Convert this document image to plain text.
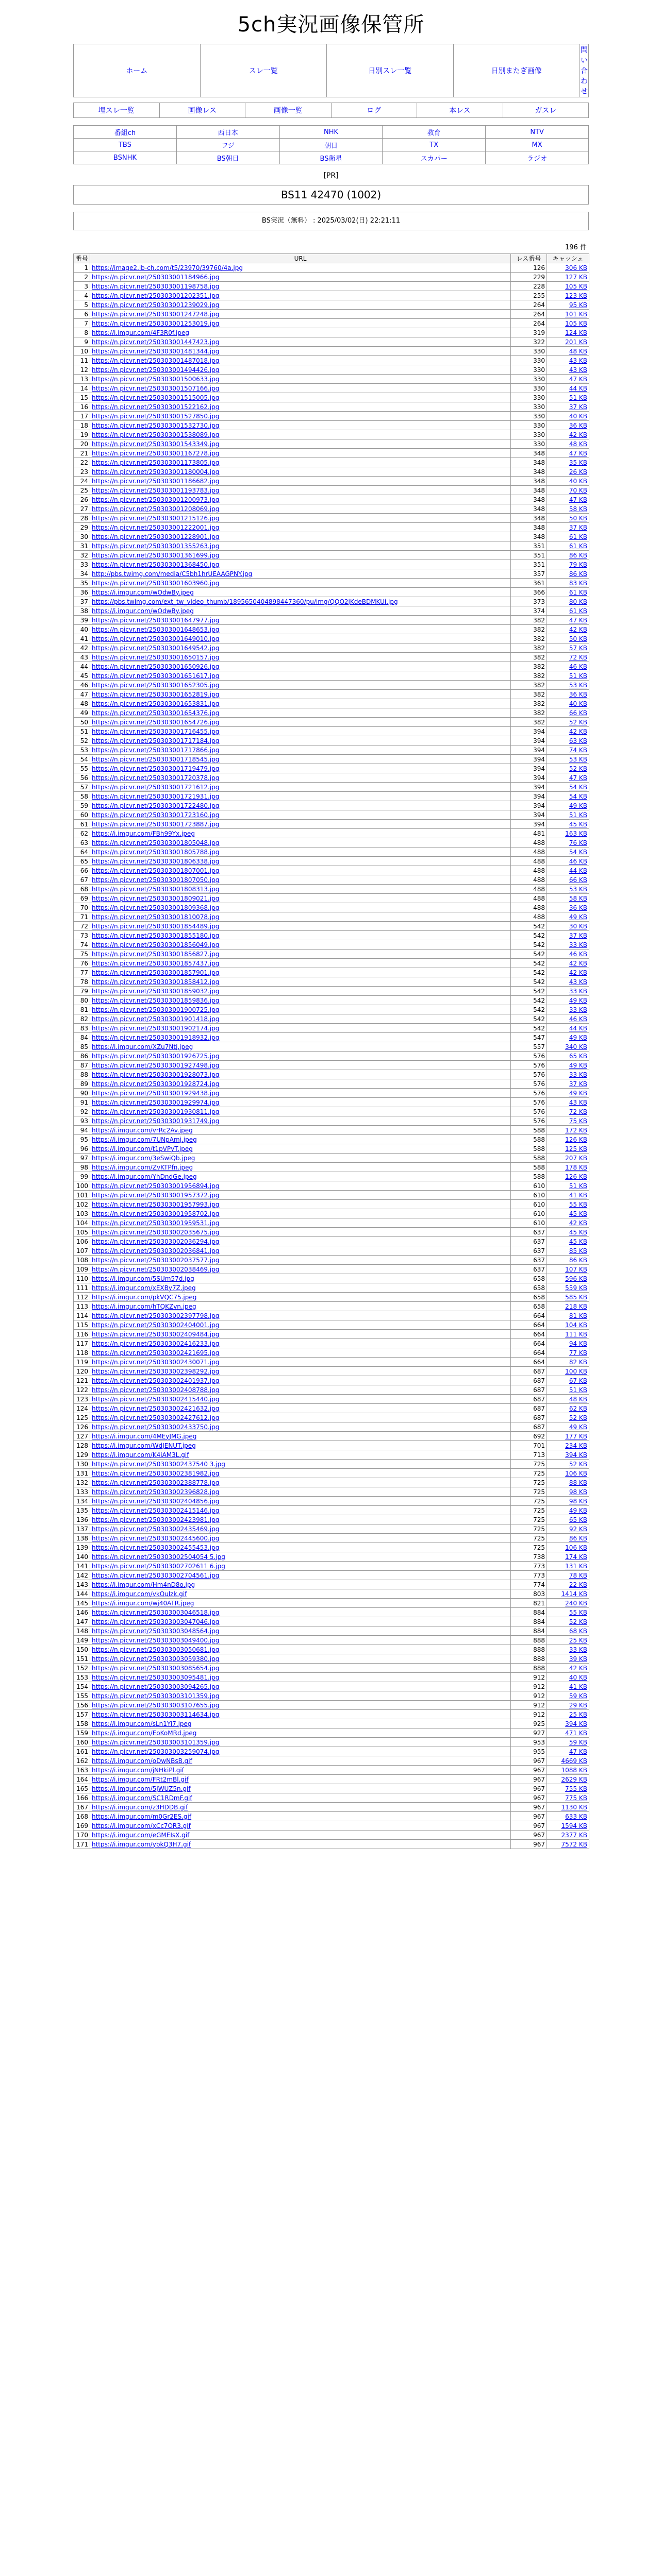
5ch実況画像保管所
ホーム	スレ一覧	日別スレ一覧	日別またぎ画像	問い合わせ
埋スレ一覧	画像レス	画像一覧	ログ	本レス	ガスレ
番組ch	西日本	NHK	教育	NTV
TBS	フジ	朝日	TX	MX
BSNHK	BS朝日	BS衛星	スカパー	ラジオ
[PR]
BS11 42470 (1002)
BS実況（無料） : 2025/03/02(日) 22:21:11
196 件
番号	URL	レス番号	キャッシュ
1	https://image2.ib-ch.com/t5/23970/39760/4a.jpg	126	306 KB
2	https://n.picvr.net/250303001184966.jpg	229	127 KB
3	https://n.picvr.net/250303001198758.jpg	228	105 KB
4	https://n.picvr.net/250303001202351.jpg	255	123 KB
5	https://n.picvr.net/250303001239029.jpg	264	95 KB
6	https://n.picvr.net/250303001247248.jpg	264	101 KB
7	https://n.picvr.net/250303001253019.jpg	264	105 KB
8	https://i.imgur.com/4F3R0f.jpeg	319	124 KB
9	https://n.picvr.net/250303001447423.jpg	322	201 KB
10	https://n.picvr.net/250303001481344.jpg	330	48 KB
11	https://n.picvr.net/250303001487018.jpg	330	43 KB
12	https://n.picvr.net/250303001494426.jpg	330	43 KB
13	https://n.picvr.net/250303001500633.jpg	330	47 KB
14	https://n.picvr.net/250303001507166.jpg	330	44 KB
15	https://n.picvr.net/250303001515005.jpg	330	51 KB
16	https://n.picvr.net/250303001522162.jpg	330	37 KB
17	https://n.picvr.net/250303001527850.jpg	330	40 KB
18	https://n.picvr.net/250303001532730.jpg	330	36 KB
19	https://n.picvr.net/250303001538089.jpg	330	42 KB
20	https://n.picvr.net/250303001543349.jpg	330	48 KB
21	https://n.picvr.net/250303001167278.jpg	348	47 KB
22	https://n.picvr.net/250303001173805.jpg	348	35 KB
23	https://n.picvr.net/250303001180004.jpg	348	26 KB
24	https://n.picvr.net/250303001186682.jpg	348	40 KB
25	https://n.picvr.net/250303001193783.jpg	348	70 KB
26	https://n.picvr.net/250303001200973.jpg	348	47 KB
27	https://n.picvr.net/250303001208069.jpg	348	58 KB
28	https://n.picvr.net/250303001215126.jpg	348	50 KB
29	https://n.picvr.net/250303001222001.jpg	348	37 KB
30	https://n.picvr.net/250303001228901.jpg	348	61 KB
31	https://n.picvr.net/250303001355263.jpg	351	61 KB
32	https://n.picvr.net/250303001361699.jpg	351	86 KB
33	https://n.picvr.net/250303001368450.jpg	351	79 KB
34	http://pbs.twimg.com/media/C5bh1hrUEAAGPNY.jpg	357	86 KB
35	https://n.picvr.net/250303001603960.jpg	361	83 KB
36	https://i.imgur.com/wOdwBy.jpeg	366	61 KB
37	https://pbs.twimg.com/ext_tw_video_thumb/1895650404898447360/pu/img/QQO2jKdeBDMKUi.jpg	373	80 KB
38	https://i.imgur.com/wOdwBy.jpeg	374	61 KB
39	https://n.picvr.net/250303001647977.jpg	382	47 KB
40	https://n.picvr.net/250303001648653.jpg	382	42 KB
41	https://n.picvr.net/250303001649010.jpg	382	50 KB
42	https://n.picvr.net/250303001649542.jpg	382	57 KB
43	https://n.picvr.net/250303001650157.jpg	382	72 KB
44	https://n.picvr.net/250303001650926.jpg	382	46 KB
45	https://n.picvr.net/250303001651617.jpg	382	51 KB
46	https://n.picvr.net/250303001652305.jpg	382	53 KB
47	https://n.picvr.net/250303001652819.jpg	382	36 KB
48	https://n.picvr.net/250303001653831.jpg	382	40 KB
49	https://n.picvr.net/250303001654376.jpg	382	66 KB
50	https://n.picvr.net/250303001654726.jpg	382	52 KB
51	https://n.picvr.net/250303001716455.jpg	394	42 KB
52	https://n.picvr.net/250303001717184.jpg	394	63 KB
53	https://n.picvr.net/250303001717866.jpg	394	74 KB
54	https://n.picvr.net/250303001718545.jpg	394	53 KB
55	https://n.picvr.net/250303001719479.jpg	394	52 KB
56	https://n.picvr.net/250303001720378.jpg	394	47 KB
57	https://n.picvr.net/250303001721612.jpg	394	54 KB
58	https://n.picvr.net/250303001721931.jpg	394	54 KB
59	https://n.picvr.net/250303001722480.jpg	394	49 KB
60	https://n.picvr.net/250303001723160.jpg	394	51 KB
61	https://n.picvr.net/250303001723887.jpg	394	45 KB
62	https://i.imgur.com/FBh99Yx.jpeg	481	163 KB
63	https://n.picvr.net/250303001805048.jpg	488	76 KB
64	https://n.picvr.net/250303001805788.jpg	488	54 KB
65	https://n.picvr.net/250303001806338.jpg	488	46 KB
66	https://n.picvr.net/250303001807001.jpg	488	44 KB
67	https://n.picvr.net/250303001807050.jpg	488	66 KB
68	https://n.picvr.net/250303001808313.jpg	488	53 KB
69	https://n.picvr.net/250303001809021.jpg	488	58 KB
70	https://n.picvr.net/250303001809368.jpg	488	36 KB
71	https://n.picvr.net/250303001810078.jpg	488	49 KB
72	https://n.picvr.net/250303001854489.jpg	542	30 KB
73	https://n.picvr.net/250303001855180.jpg	542	37 KB
74	https://n.picvr.net/250303001856049.jpg	542	33 KB
75	https://n.picvr.net/250303001856827.jpg	542	46 KB
76	https://n.picvr.net/250303001857437.jpg	542	42 KB
77	https://n.picvr.net/250303001857901.jpg	542	42 KB
78	https://n.picvr.net/250303001858412.jpg	542	43 KB
79	https://n.picvr.net/250303001859032.jpg	542	33 KB
80	https://n.picvr.net/250303001859836.jpg	542	49 KB
81	https://n.picvr.net/250303001900725.jpg	542	33 KB
82	https://n.picvr.net/250303001901418.jpg	542	46 KB
83	https://n.picvr.net/250303001902174.jpg	542	44 KB
84	https://n.picvr.net/250303001918932.jpg	547	49 KB
85	https://i.imgur.com/XZu7Ntj.jpeg	557	340 KB
86	https://n.picvr.net/250303001926725.jpg	576	65 KB
87	https://n.picvr.net/250303001927498.jpg	576	49 KB
88	https://n.picvr.net/250303001928073.jpg	576	33 KB
89	https://n.picvr.net/250303001928724.jpg	576	37 KB
90	https://n.picvr.net/250303001929438.jpg	576	49 KB
91	https://n.picvr.net/250303001929974.jpg	576	43 KB
92	https://n.picvr.net/250303001930811.jpg	576	72 KB
93	https://n.picvr.net/250303001931749.jpg	576	75 KB
94	https://i.imgur.com/vrRc2Av.jpeg	588	172 KB
95	https://i.imgur.com/7UNpAmj.jpeg	588	126 KB
96	https://i.imgur.com/t1pVPyT.jpeg	588	125 KB
97	https://i.imgur.com/3eSwiQb.jpeg	588	207 KB
98	https://i.imgur.com/ZvKTPfn.jpeg	588	178 KB
99	https://i.imgur.com/YhDndGe.jpeg	588	126 KB
100	https://n.picvr.net/250303001956894.jpg	610	51 KB
101	https://n.picvr.net/250303001957372.jpg	610	41 KB
102	https://n.picvr.net/250303001957993.jpg	610	55 KB
103	https://n.picvr.net/250303001958702.jpg	610	45 KB
104	https://n.picvr.net/250303001959531.jpg	610	42 KB
105	https://n.picvr.net/250303002035675.jpg	637	45 KB
106	https://n.picvr.net/250303002036294.jpg	637	45 KB
107	https://n.picvr.net/250303002036841.jpg	637	85 KB
108	https://n.picvr.net/250303002037577.jpg	637	86 KB
109	https://n.picvr.net/250303002038469.jpg	637	107 KB
110	https://i.imgur.com/5SUm57d.jpg	658	596 KB
111	https://i.imgur.com/xEXBy7Z.jpeg	658	559 KB
112	https://i.imgur.com/pkVQC75.jpeg	658	585 KB
113	https://i.imgur.com/hTQKZvn.jpeg	658	218 KB
114	https://n.picvr.net/250303002397798.jpg	664	81 KB
115	https://n.picvr.net/250303002404001.jpg	664	104 KB
116	https://n.picvr.net/250303002409484.jpg	664	111 KB
117	https://n.picvr.net/250303002416233.jpg	664	94 KB
118	https://n.picvr.net/250303002421695.jpg	664	77 KB
119	https://n.picvr.net/250303002430071.jpg	664	82 KB
120	https://n.picvr.net/250303002398292.jpg	687	100 KB
121	https://n.picvr.net/250303002401937.jpg	687	67 KB
122	https://n.picvr.net/250303002408788.jpg	687	51 KB
123	https://n.picvr.net/250303002415440.jpg	687	48 KB
124	https://n.picvr.net/250303002421632.jpg	687	62 KB
125	https://n.picvr.net/250303002427612.jpg	687	52 KB
126	https://n.picvr.net/250303002433750.jpg	687	49 KB
127	https://i.imgur.com/4MEyJMG.jpeg	692	177 KB
128	https://i.imgur.com/WdJENUT.jpeg	701	234 KB
129	https://i.imgur.com/K4iAM3L.gif	713	394 KB
130	https://n.picvr.net/250303002437540 3.jpg	725	52 KB
131	https://n.picvr.net/250303002381982.jpg	725	106 KB
132	https://n.picvr.net/250303002388778.jpg	725	88 KB
133	https://n.picvr.net/250303002396828.jpg	725	98 KB
134	https://n.picvr.net/250303002404856.jpg	725	98 KB
135	https://n.picvr.net/250303002415146.jpg	725	49 KB
136	https://n.picvr.net/250303002423981.jpg	725	65 KB
137	https://n.picvr.net/250303002435469.jpg	725	92 KB
138	https://n.picvr.net/250303002445600.jpg	725	86 KB
139	https://n.picvr.net/250303002455453.jpg	725	106 KB
140	https://n.picvr.net/250303002504054 5.jpg	738	174 KB
141	https://n.picvr.net/250303002702611 6.jpg	773	131 KB
142	https://n.picvr.net/250303002704561.jpg	773	78 KB
143	https://i.imgur.com/Hm4nD8o.jpg	774	22 KB
144	https://i.imgur.com/vkQulzk.gif	803	1414 KB
145	https://i.imgur.com/wj40ATR.jpeg	821	240 KB
146	https://n.picvr.net/250303003046518.jpg	884	55 KB
147	https://n.picvr.net/250303003047046.jpg	884	52 KB
148	https://n.picvr.net/250303003048564.jpg	884	68 KB
149	https://n.picvr.net/250303003049400.jpg	888	25 KB
150	https://n.picvr.net/250303003050681.jpg	888	33 KB
151	https://n.picvr.net/250303003059380.jpg	888	39 KB
152	https://n.picvr.net/250303003085654.jpg	888	42 KB
153	https://n.picvr.net/250303003095481.jpg	912	40 KB
154	https://n.picvr.net/250303003094265.jpg	912	41 KB
155	https://n.picvr.net/250303003101359.jpg	912	59 KB
156	https://n.picvr.net/250303003107655.jpg	912	29 KB
157	https://n.picvr.net/250303003114634.jpg	912	25 KB
158	https://i.imgur.com/sLn1Yi7.jpeg	925	394 KB
159	https://i.imgur.com/EoKoMRd.jpeg	927	471 KB
160	https://n.picvr.net/250303003101359.jpg	953	59 KB
161	https://n.picvr.net/250303003259074.jpg	955	47 KB
162	https://i.imgur.com/oDwNBsB.gif	967	4669 KB
163	https://i.imgur.com/jNHkiPl.gif	967	1088 KB
164	https://i.imgur.com/FRt2mBl.gif	967	2629 KB
165	https://i.imgur.com/5jWUZ5n.gif	967	755 KB
166	https://i.imgur.com/SC1RDmF.gif	967	775 KB
167	https://i.imgur.com/z3HDDB.gif	967	1130 KB
168	https://i.imgur.com/m0Gr2ES.gif	967	633 KB
169	https://i.imgur.com/xCc7OR3.gif	967	1594 KB
170	https://i.imgur.com/eGMEIsX.gif	967	2377 KB
171	https://i.imgur.com/ybkQ3H7.gif	967	7572 KB
